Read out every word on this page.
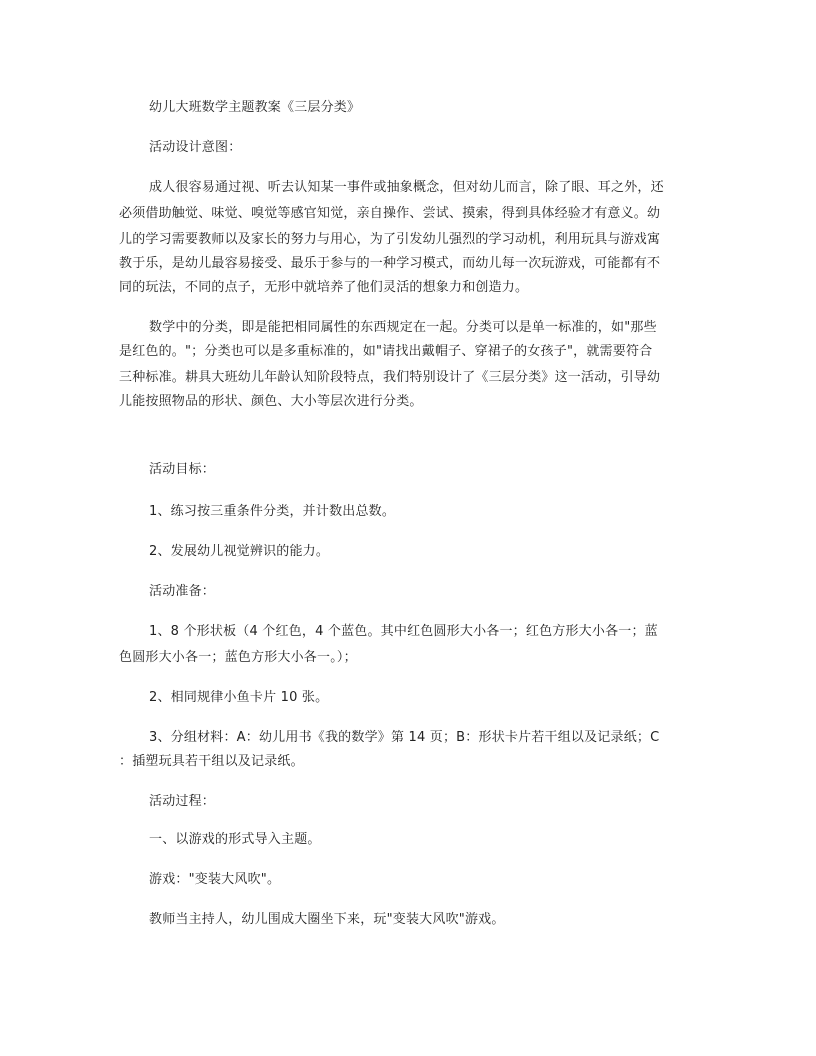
幼儿大班数学主题教案《三层分类》
活动设计意图：
成人很容易通过视、听去认知某一事件或抽象概念，但对幼儿而言，除了眼、耳之外，还
必须借助触觉、味觉、嗅觉等感官知觉，亲自操作、尝试、摸索，得到具体经验才有意义。幼
儿的学习需要教师以及家长的努力与用心，为了引发幼儿强烈的学习动机，利用玩具与游戏寓
教于乐，是幼儿最容易接受、最乐于参与的一种学习模式，而幼儿每一次玩游戏，可能都有不
同的玩法，不同的点子，无形中就培养了他们灵活的想象力和创造力。
数学中的分类，即是能把相同属性的东西规定在一起。分类可以是单一标准的，如"那些
是红色的。"；分类也可以是多重标准的，如"请找出戴帽子、穿裙子的女孩子"，就需要符合
三种标准。耕具大班幼儿年龄认知阶段特点，我们特别设计了《三层分类》这一活动，引导幼
儿能按照物品的形状、颜色、大小等层次进行分类。
活动目标：
1、练习按三重条件分类，并计数出总数。
2、发展幼儿视觉辨识的能力。
活动准备：
1、8 个形状板（4 个红色，4 个蓝色。其中红色圆形大小各一；红色方形大小各一；蓝
色圆形大小各一；蓝色方形大小各一。）；
2、相同规律小鱼卡片 10 张。
3、分组材料：A：幼儿用书《我的数学》第 14 页；B：形状卡片若干组以及记录纸；C
：插塑玩具若干组以及记录纸。
活动过程：
一、以游戏的形式导入主题。
游戏："变装大风吹"。
教师当主持人，幼儿围成大圈坐下来，玩"变装大风吹"游戏。
